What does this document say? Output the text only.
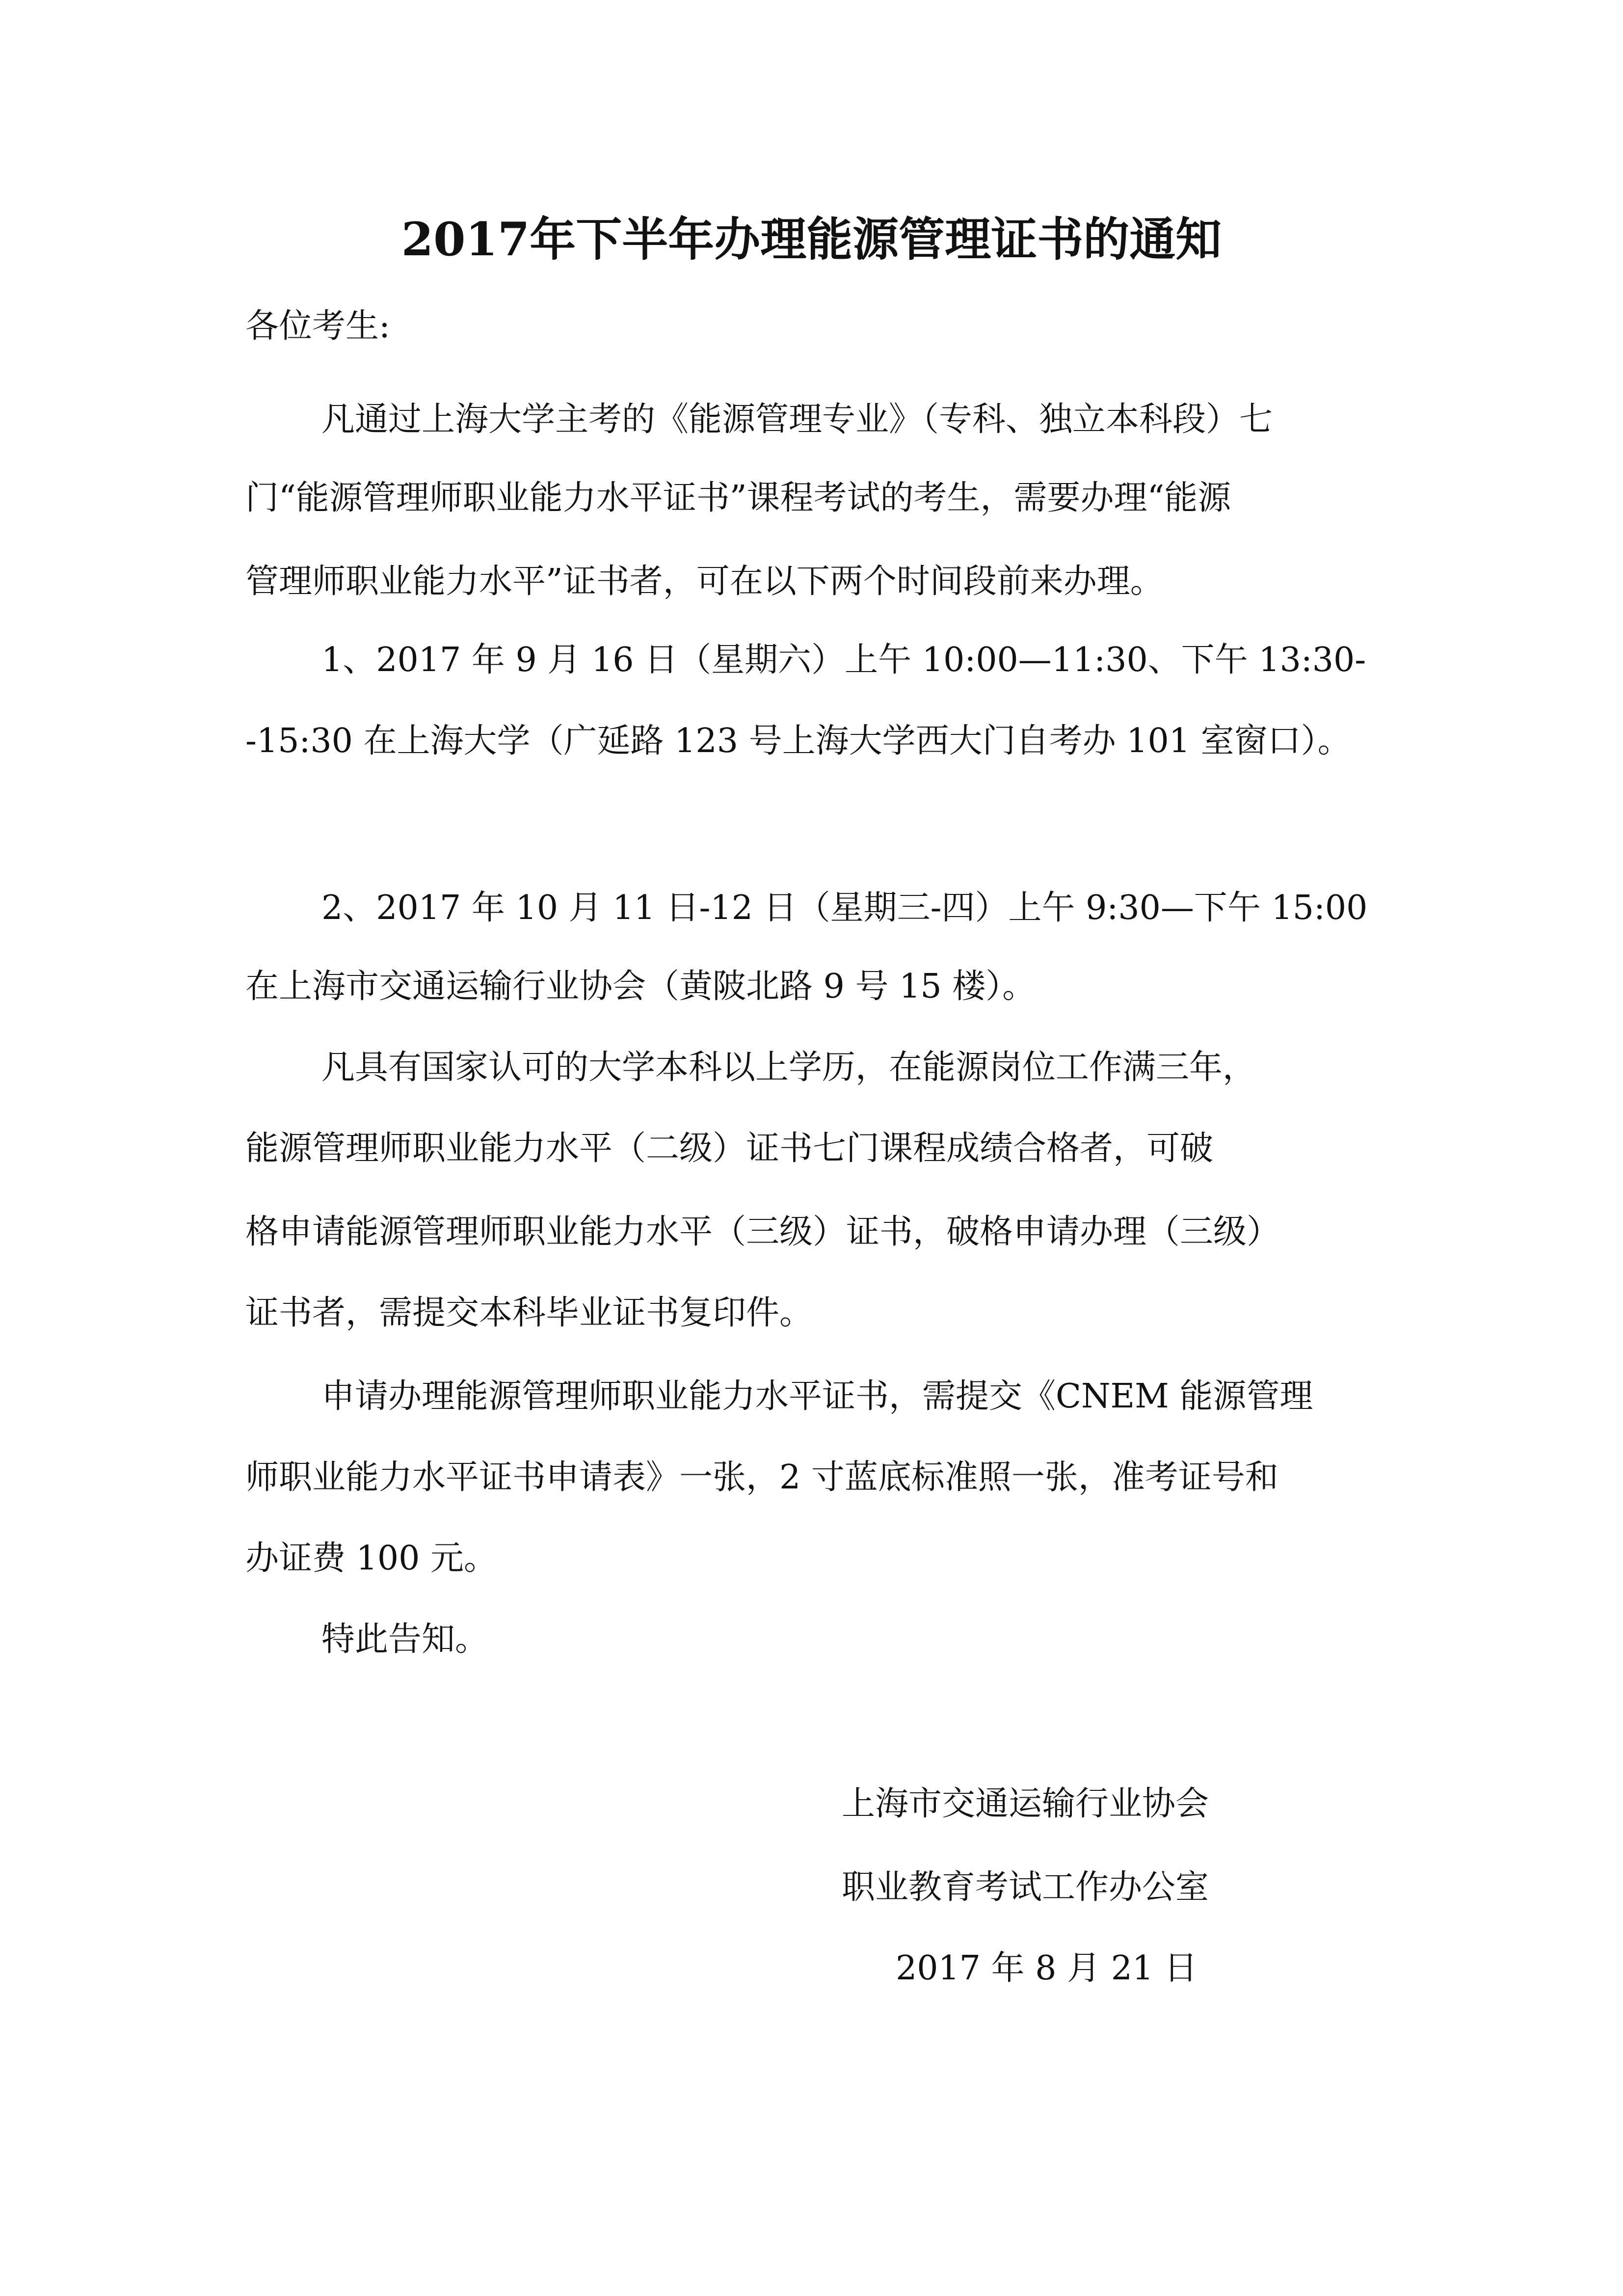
2017年下半年办理能源管理证书的通知

各位考生:

凡通过上海大学主考的《能源管理专业》（专科、独立本科段）七

门“能源管理师职业能力水平证书”课程考试的考生，需要办理“能源

管理师职业能力水平”证书者，可在以下两个时间段前来办理。

1、2017 年 9 月 16 日（星期六）上午 10:00—11:30、下午 13:30-

-15:30 在上海大学（广延路 123 号上海大学西大门自考办 101 室窗口）。

2、2017 年 10 月 11 日-12 日（星期三-四）上午 9:30—下午 15:00

在上海市交通运输行业协会（黄陂北路 9 号 15 楼）。

凡具有国家认可的大学本科以上学历，在能源岗位工作满三年，

能源管理师职业能力水平（二级）证书七门课程成绩合格者，可破

格申请能源管理师职业能力水平（三级）证书，破格申请办理（三级）

证书者，需提交本科毕业证书复印件。

申请办理能源管理师职业能力水平证书，需提交《CNEM 能源管理

师职业能力水平证书申请表》一张，2 寸蓝底标准照一张，准考证号和

办证费 100 元。

特此告知。

上海市交通运输行业协会

职业教育考试工作办公室

2017 年 8 月 21 日
